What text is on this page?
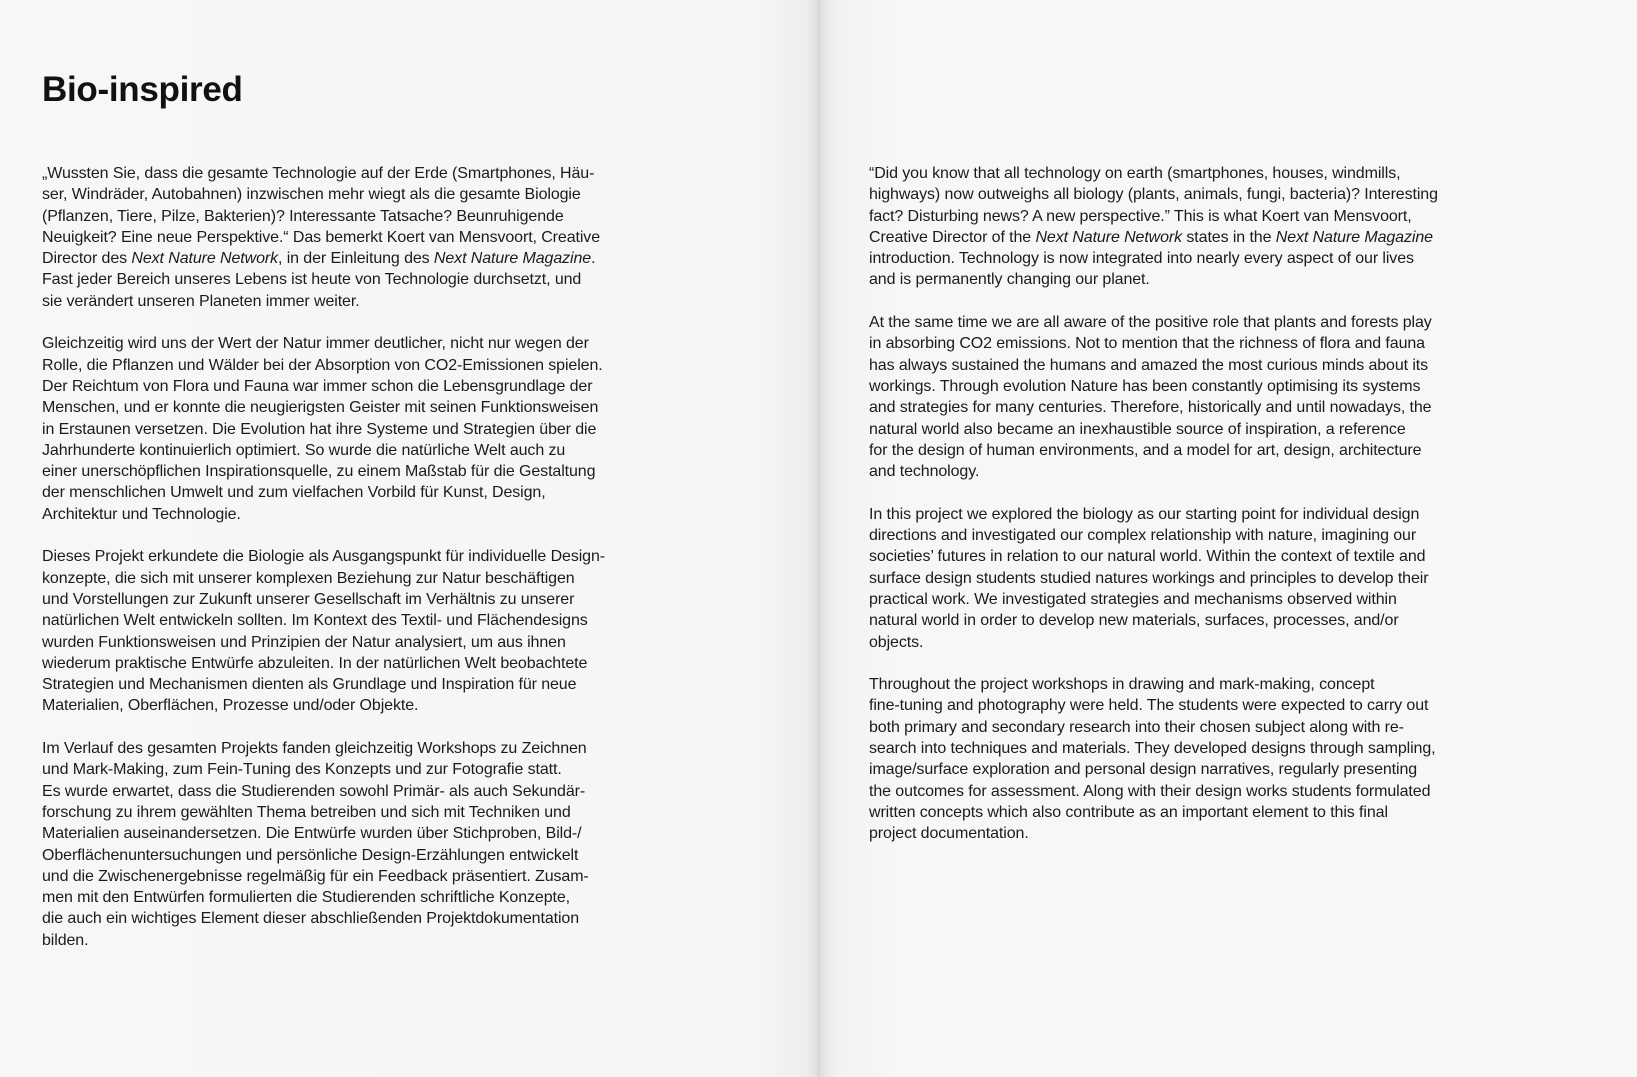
Bio-inspired

„Wussten Sie, dass die gesamte Technologie auf der Erde (Smartphones, Häu-
ser, Windräder, Autobahnen) inzwischen mehr wiegt als die gesamte Biologie
(Pflanzen, Tiere, Pilze, Bakterien)? Interessante Tatsache? Beunruhigende
Neuigkeit? Eine neue Perspektive.“ Das bemerkt Koert van Mensvoort, Creative
Director des Next Nature Network, in der Einleitung des Next Nature Magazine.
Fast jeder Bereich unseres Lebens ist heute von Technologie durchsetzt, und
sie verändert unseren Planeten immer weiter.

Gleichzeitig wird uns der Wert der Natur immer deutlicher, nicht nur wegen der
Rolle, die Pflanzen und Wälder bei der Absorption von CO2-Emissionen spielen.
Der Reichtum von Flora und Fauna war immer schon die Lebensgrundlage der
Menschen, und er konnte die neugierigsten Geister mit seinen Funktionsweisen
in Erstaunen versetzen. Die Evolution hat ihre Systeme und Strategien über die
Jahrhunderte kontinuierlich optimiert. So wurde die natürliche Welt auch zu
einer unerschöpflichen Inspirationsquelle, zu einem Maßstab für die Gestaltung
der menschlichen Umwelt und zum vielfachen Vorbild für Kunst, Design,
Architektur und Technologie.

Dieses Projekt erkundete die Biologie als Ausgangspunkt für individuelle Design-
konzepte, die sich mit unserer komplexen Beziehung zur Natur beschäftigen
und Vorstellungen zur Zukunft unserer Gesellschaft im Verhältnis zu unserer
natürlichen Welt entwickeln sollten. Im Kontext des Textil- und Flächendesigns
wurden Funktionsweisen und Prinzipien der Natur analysiert, um aus ihnen
wiederum praktische Entwürfe abzuleiten. In der natürlichen Welt beobachtete
Strategien und Mechanismen dienten als Grundlage und Inspiration für neue
Materialien, Oberflächen, Prozesse und/oder Objekte.

Im Verlauf des gesamten Projekts fanden gleichzeitig Workshops zu Zeichnen
und Mark-Making, zum Fein-Tuning des Konzepts und zur Fotografie statt.
Es wurde erwartet, dass die Studierenden sowohl Primär- als auch Sekundär-
forschung zu ihrem gewählten Thema betreiben und sich mit Techniken und
Materialien auseinandersetzen. Die Entwürfe wurden über Stichproben, Bild-/
Oberflächenuntersuchungen und persönliche Design-Erzählungen entwickelt
und die Zwischenergebnisse regelmäßig für ein Feedback präsentiert. Zusam-
men mit den Entwürfen formulierten die Studierenden schriftliche Konzepte,
die auch ein wichtiges Element dieser abschließenden Projektdokumentation
bilden.

“Did you know that all technology on earth (smartphones, houses, windmills,
highways) now outweighs all biology (plants, animals, fungi, bacteria)? Interesting
fact? Disturbing news? A new perspective.” This is what Koert van Mensvoort,
Creative Director of the Next Nature Network states in the Next Nature Magazine
introduction. Technology is now integrated into nearly every aspect of our lives
and is permanently changing our planet.

At the same time we are all aware of the positive role that plants and forests play
in absorbing CO2 emissions. Not to mention that the richness of flora and fauna
has always sustained the humans and amazed the most curious minds about its
workings. Through evolution Nature has been constantly optimising its systems
and strategies for many centuries. Therefore, historically and until nowadays, the
natural world also became an inexhaustible source of inspiration, a reference
for the design of human environments, and a model for art, design, architecture
and technology.

In this project we explored the biology as our starting point for individual design
directions and investigated our complex relationship with nature, imagining our
societies’ futures in relation to our natural world. Within the context of textile and
surface design students studied natures workings and principles to develop their
practical work. We investigated strategies and mechanisms observed within
natural world in order to develop new materials, surfaces, processes, and/or
objects.

Throughout the project workshops in drawing and mark-making, concept
fine-tuning and photography were held. The students were expected to carry out
both primary and secondary research into their chosen subject along with re-
search into techniques and materials. They developed designs through sampling,
image/surface exploration and personal design narratives, regularly presenting
the outcomes for assessment. Along with their design works students formulated
written concepts which also contribute as an important element to this final
project documentation.
